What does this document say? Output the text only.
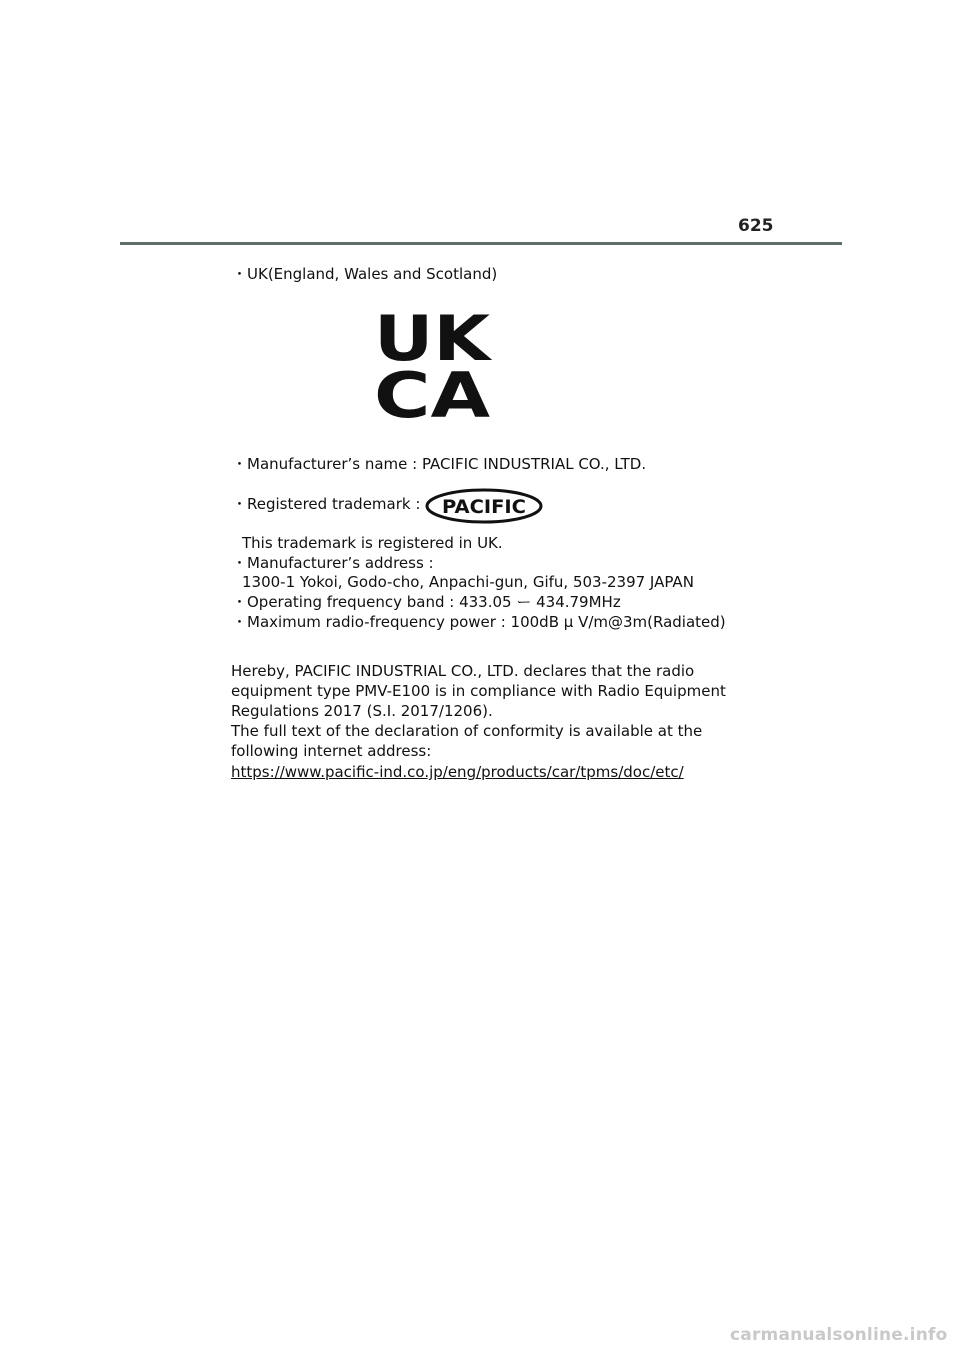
625
・UK(England, Wales and Scotland)
UK
CA
・Manufacturer’s name : PACIFIC INDUSTRIAL CO., LTD.
・Registered trademark : PACIFIC
This trademark is registered in UK.
・Manufacturer’s address :
1300-1 Yokoi, Godo-cho, Anpachi-gun, Gifu, 503-2397 JAPAN
・Operating frequency band : 433.05 ー 434.79MHz
・Maximum radio-frequency power : 100dB µ V/m@3m(Radiated)
Hereby, PACIFIC INDUSTRIAL CO., LTD. declares that the radio
equipment type PMV-E100 is in compliance with Radio Equipment
Regulations 2017 (S.I. 2017/1206).
The full text of the declaration of conformity is available at the
following internet address:
https://www.pacific-ind.co.jp/eng/products/car/tpms/doc/etc/
carmanualsonline.info
